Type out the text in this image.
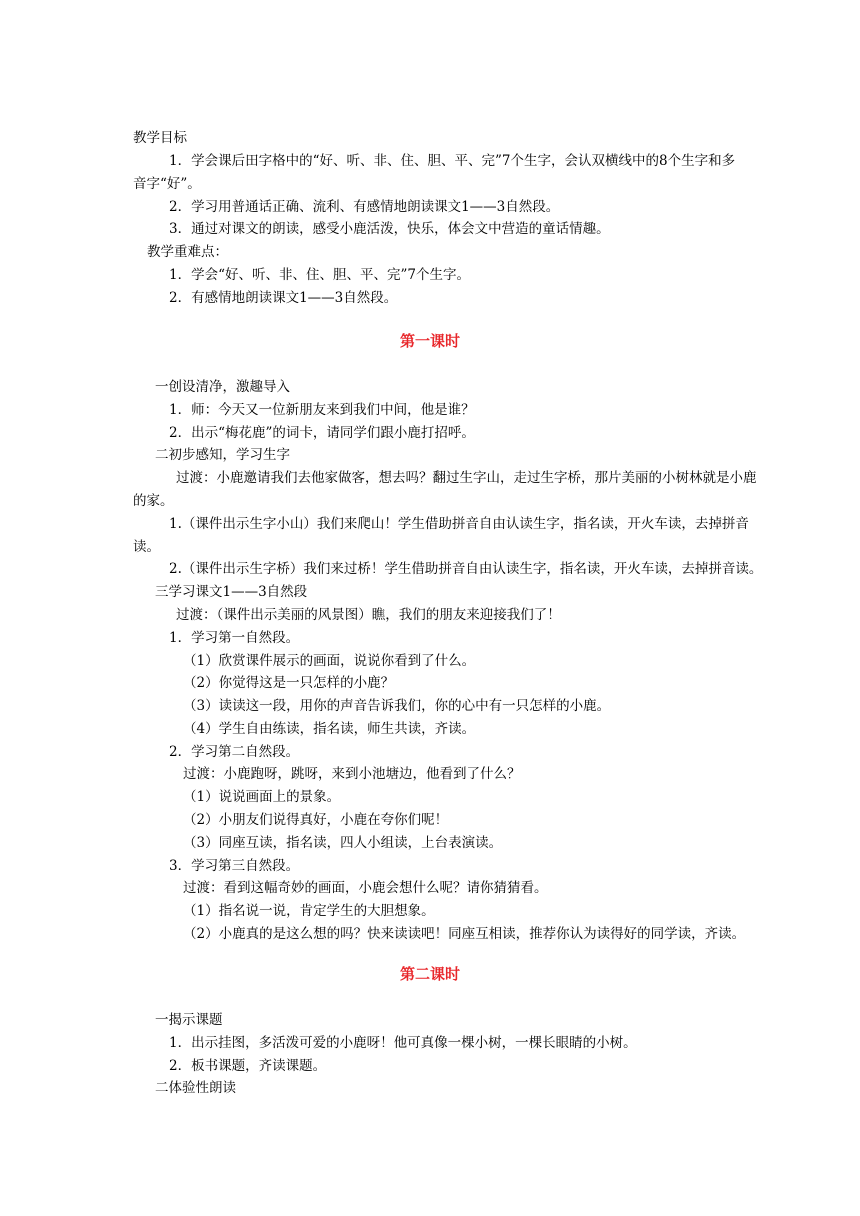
教学目标
1．学会课后田字格中的“好、听、非、住、胆、平、完”7个生字，会认双横线中的8个生字和多
音字“好”。
2．学习用普通话正确、流利、有感情地朗读课文1——3自然段。
3．通过对课文的朗读，感受小鹿活泼，快乐，体会文中营造的童话情趣。
教学重难点：
1．学会“好、听、非、住、胆、平、完”7个生字。
2．有感情地朗读课文1——3自然段。
第一课时
一创设清净，激趣导入
1．师：今天又一位新朋友来到我们中间，他是谁？
2．出示“梅花鹿”的词卡，请同学们跟小鹿打招呼。
二初步感知，学习生字
过渡：小鹿邀请我们去他家做客，想去吗？翻过生字山，走过生字桥，那片美丽的小树林就是小鹿
的家。
1.（课件出示生字小山）我们来爬山！学生借助拼音自由认读生字，指名读，开火车读，去掉拼音
读。
2.（课件出示生字桥）我们来过桥！学生借助拼音自由认读生字，指名读，开火车读，去掉拼音读。
三学习课文1——3自然段
过渡：（课件出示美丽的风景图）瞧，我们的朋友来迎接我们了！
1．学习第一自然段。
（1）欣赏课件展示的画面，说说你看到了什么。
（2）你觉得这是一只怎样的小鹿？
（3）读读这一段，用你的声音告诉我们，你的心中有一只怎样的小鹿。
（4）学生自由练读，指名读，师生共读，齐读。
2．学习第二自然段。
过渡：小鹿跑呀，跳呀，来到小池塘边，他看到了什么？
（1）说说画面上的景象。
（2）小朋友们说得真好，小鹿在夸你们呢！
（3）同座互读，指名读，四人小组读，上台表演读。
3．学习第三自然段。
过渡：看到这幅奇妙的画面，小鹿会想什么呢？请你猜猜看。
（1）指名说一说，肯定学生的大胆想象。
（2）小鹿真的是这么想的吗？快来读读吧！同座互相读，推荐你认为读得好的同学读，齐读。
第二课时
一揭示课题
1．出示挂图，多活泼可爱的小鹿呀！他可真像一棵小树，一棵长眼睛的小树。
2．板书课题，齐读课题。
二体验性朗读
